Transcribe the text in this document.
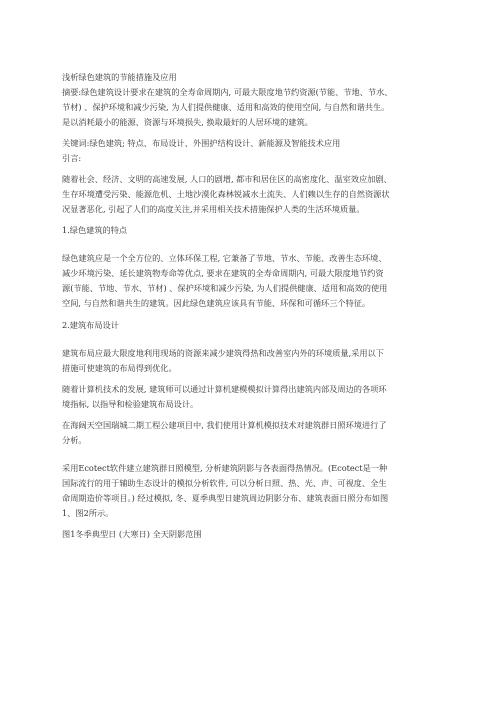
浅析绿色建筑的节能措施及应用
摘要:绿色建筑设计要求在建筑的全寿命周期内, 可最大限度地节约资源(节能、节地、节水、
节材) 、保护环境和减少污染, 为人们提供健康、适用和高效的使用空间, 与自然和谐共生。
是以消耗最小的能源、资源与环境损失, 换取最好的人居环境的建筑。
关键词:绿色建筑; 特点、布局设计、外围护结构设计、新能源及智能技术应用
引言:
随着社会、经济、文明的高速发展, 人口的剧增, 都市和居住区的高密度化、温室效应加剧、
生存环境遭受污染、能源危机、土地沙漠化森林锐减水土流失、人们赖以生存的自然资源状
况显著恶化, 引起了人们的高度关注,并采用相关技术措施保护人类的生活环境质量。
1.绿色建筑的特点
绿色建筑应是一个全方位的、立体环保工程, 它兼备了节地、节水、节能、改善生态环境、
减少环境污染、延长建筑物寿命等优点, 要求在建筑的全寿命周期内, 可最大限度地节约资
源(节能、节地、节水、节材) 、保护环境和减少污染, 为人们提供健康、适用和高效的使用
空间, 与自然和谐共生的建筑。因此绿色建筑应该具有节能、环保和可循环三个特征。
2.建筑布局设计
建筑布局应最大限度地利用现场的资源来减少建筑得热和改善室内外的环境质量,采用以下
措施可使建筑的布局得到优化。
随着计算机技术的发展, 建筑师可以通过计算机建模模拟计算得出建筑内部及周边的各项环
境指标, 以指导和检验建筑布局设计。
在海阔天空国瑞城二期工程公建项目中, 我们使用计算机模拟技术对建筑群日照环境进行了
分析。
采用Ecotect软件建立建筑群日照模型, 分析建筑阴影与各表面得热情况。(Ecotect是一种
国际流行的用于辅助生态设计的模拟分析软件, 可以分析日照、热、光、声、可视度、全生
命周期造价等项目。) 经过模拟, 冬、夏季典型日建筑周边阴影分布、建筑表面日照分布如图
1、图2所示。
图1冬季典型日 (大寒日) 全天阴影范围
